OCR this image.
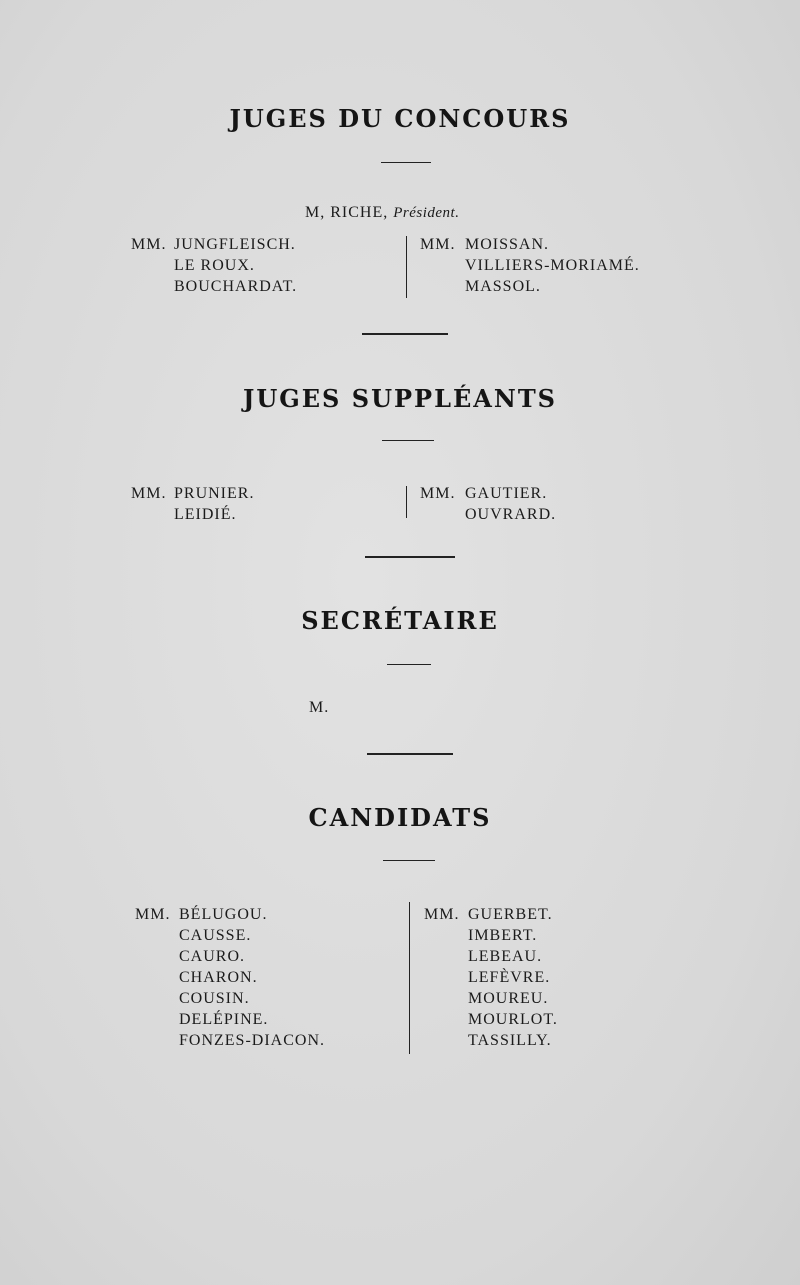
JUGES DU CONCOURS
M, RICHE, Président.
MM. JUNGFLEISCH.
LE ROUX.
BOUCHARDAT.
MM. MOISSAN.
VILLIERS-MORIAMÉ.
MASSOL.
JUGES SUPPLÉANTS
MM. PRUNIER.
LEIDIÉ.
MM. GAUTIER.
OUVRARD.
SECRÉTAIRE
M.
CANDIDATS
MM. BÉLUGOU.
CAUSSE.
CAURO.
CHARON.
COUSIN.
DELÉPINE.
FONZES-DIACON.
MM. GUERBET.
IMBERT.
LEBEAU.
LEFÈVRE.
MOUREU.
MOURLOT.
TASSILLY.
